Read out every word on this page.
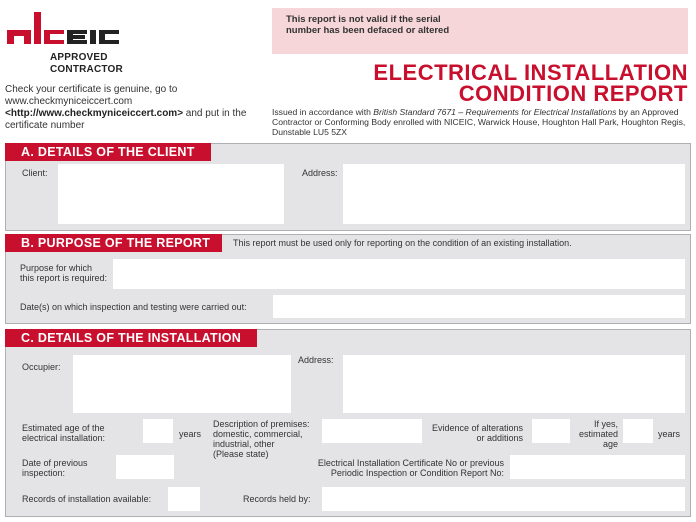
APPROVED
CONTRACTOR
Check your certificate is genuine, go to
www.checkmyniceiccert.com
<http://www.checkmyniceiccert.com> and put in the
certificate number
This report is not valid if the serial
number has been defaced or altered
ELECTRICAL INSTALLATION
CONDITION REPORT
Issued in accordance with British Standard 7671 – Requirements for Electrical Installations by an Approved Contractor or Conforming Body enrolled with NICEIC, Warwick House, Houghton Hall Park, Houghton Regis, Dunstable LU5 5ZX
A. DETAILS OF THE CLIENT
Client:	Address:
B. PURPOSE OF THE REPORT	This report must be used only for reporting on the condition of an existing installation.
Purpose for which
this report is required:
Date(s) on which inspection and testing were carried out:
C. DETAILS OF THE INSTALLATION
Occupier:
Address:
Estimated age of the
electrical installation:	years
Description of premises:
domestic, commercial,
industrial, other
(Please state)
Evidence of alterations
or additions
If yes,
estimated
age
years
Date of previous
inspection:
Electrical Installation Certificate No or previous
Periodic Inspection or Condition Report No:
Records of installation available:	Records held by:
